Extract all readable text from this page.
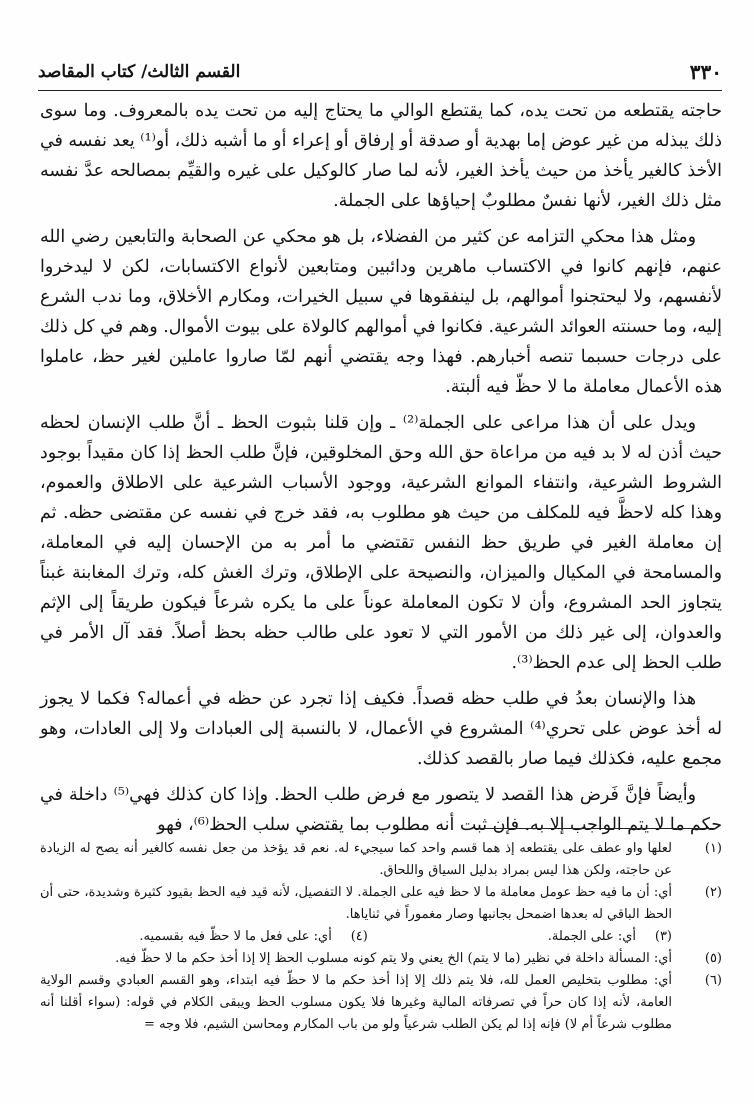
٣٣٠
القسم الثالث/ كتاب المقاصد

حاجته يقتطعه من تحت يده، كما يقتطع الوالي ما يحتاج إليه من تحت يده بالمعروف. وما سوى ذلك يبذله من غير عوض إما بهدية أو صدقة أو إرفاق أو إعراء أو ما أشبه ذلك، أو⁽¹⁾ يعد نفسه في الأخذ كالغير يأخذ من حيث يأخذ الغير، لأنه لما صار كالوكيل على غيره والقيِّم بمصالحه عدَّ نفسه مثل ذلك الغير، لأنها نفسٌ مطلوبٌ إحياؤها على الجملة.

ومثل هذا محكي التزامه عن كثير من الفضلاء، بل هو محكي عن الصحابة والتابعين رضي الله عنهم، فإنهم كانوا في الاكتساب ماهرين ودائبين ومتابعين لأنواع الاكتسابات، لكن لا ليدخروا لأنفسهم، ولا ليحتجنوا أموالهم، بل لينفقوها في سبيل الخيرات، ومكارم الأخلاق، وما ندب الشرع إليه، وما حسنته العوائد الشرعية. فكانوا في أموالهم كالولاة على بيوت الأموال. وهم في كل ذلك على درجات حسبما تنصه أخبارهم. فهذا وجه يقتضي أنهم لمّا صاروا عاملين لغير حظ، عاملوا هذه الأعمال معاملة ما لا حظّ فيه ألبتة.

ويدل على أن هذا مراعى على الجملة⁽²⁾ ـ وإن قلنا بثبوت الحظ ـ أنَّ طلب الإنسان لحظه حيث أذن له لا بد فيه من مراعاة حق الله وحق المخلوقين، فإنَّ طلب الحظ إذا كان مقيداً بوجود الشروط الشرعية، وانتفاء الموانع الشرعية، ووجود الأسباب الشرعية على الاطلاق والعموم، وهذا كله لاحظَّ فيه للمكلف من حيث هو مطلوب به، فقد خرج في نفسه عن مقتضى حظه. ثم إن معاملة الغير في طريق حظ النفس تقتضي ما أمر به من الإحسان إليه في المعاملة، والمسامحة في المكيال والميزان، والنصيحة على الإطلاق، وترك الغش كله، وترك المغابنة غبناً يتجاوز الحد المشروع، وأن لا تكون المعاملة عوناً على ما يكره شرعاً فيكون طريقاً إلى الإثم والعدوان، إلى غير ذلك من الأمور التي لا تعود على طالب حظه بحظ أصلاً. فقد آل الأمر في طلب الحظ إلى عدم الحظ⁽³⁾.

هذا والإنسان بعدُ في طلب حظه قصداً. فكيف إذا تجرد عن حظه في أعماله؟ فكما لا يجوز له أخذ عوض على تحري⁽⁴⁾ المشروع في الأعمال، لا بالنسبة إلى العبادات ولا إلى العادات، وهو مجمع عليه، فكذلك فيما صار بالقصد كذلك.

وأيضاً فإنَّ فَرض هذا القصد لا يتصور مع فرض طلب الحظ. وإذا كان كذلك فهي⁽⁵⁾ داخلة في حكم ما لا يتم الواجب إلا به. فإن ثبت أنه مطلوب بما يقتضي سلب الحظ⁽⁶⁾، فهو

(١)
لعلها واو عطف على يقتطعه إذ هما قسم واحد كما سيجيء له. نعم قد يؤخذ من جعل نفسه كالغير أنه يصح له الزيادة عن حاجته، ولكن هذا ليس بمراد بدليل السياق واللحاق.
(٢)
أي: أن ما فيه حظ عومل معاملة ما لا حظ فيه على الجملة. لا التفصيل، لأنه قيد فيه الحظ بقيود كثيرة وشديدة، حتى أن الحظ الباقي له بعدها اضمحل بجانبها وصار مغموراً في ثناياها.
(٣)
أي: على الجملة.
(٤)
أي: على فعل ما لا حظّ فيه بقسميه.
(٥)
أي: المسألة داخلة في نظير (ما لا يتم) الخ يعني ولا يتم كونه مسلوب الحظ إلا إذا أخذ حكم ما لا حظّ فيه.
(٦)
أي: مطلوب بتخليص العمل لله، فلا يتم ذلك إلا إذا أخذ حكم ما لا حظّ فيه ابتداء، وهو القسم العبادي وقسم الولاية العامة، لأنه إذا كان حراً في تصرفاته المالية وغيرها فلا يكون مسلوب الحظ ويبقى الكلام في قوله: (سواء أقلنا أنه مطلوب شرعاً أم لا) فإنه إذا لم يكن الطلب شرعياً ولو من باب المكارم ومحاسن الشيم، فلا وجه =
